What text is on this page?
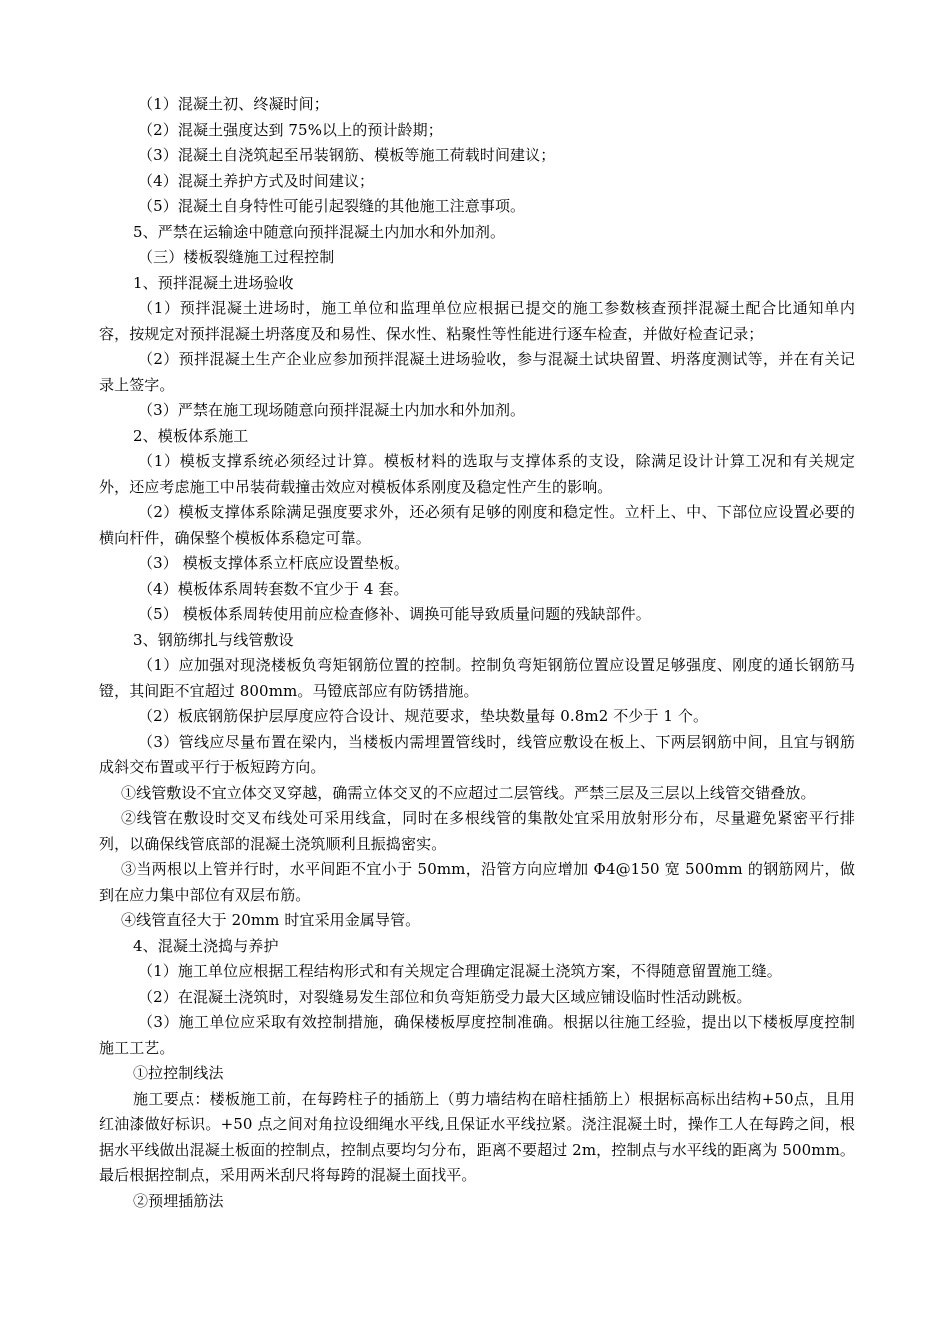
（1）混凝土初、终凝时间；

（2）混凝土强度达到 75%以上的预计龄期；

（3）混凝土自浇筑起至吊装钢筋、模板等施工荷载时间建议；

（4）混凝土养护方式及时间建议；

（5）混凝土自身特性可能引起裂缝的其他施工注意事项。

5、严禁在运输途中随意向预拌混凝土内加水和外加剂。

（三）楼板裂缝施工过程控制

1、预拌混凝土进场验收

（1）预拌混凝土进场时，施工单位和监理单位应根据已提交的施工参数核查预拌混凝土配合比通知单内容，按规定对预拌混凝土坍落度及和易性、保水性、粘聚性等性能进行逐车检查，并做好检查记录；

（2）预拌混凝土生产企业应参加预拌混凝土进场验收，参与混凝土试块留置、坍落度测试等，并在有关记录上签字。

（3）严禁在施工现场随意向预拌混凝土内加水和外加剂。

2、模板体系施工

（1）模板支撑系统必须经过计算。模板材料的选取与支撑体系的支设，除满足设计计算工况和有关规定外，还应考虑施工中吊装荷载撞击效应对模板体系刚度及稳定性产生的影响。

（2）模板支撑体系除满足强度要求外，还必须有足够的刚度和稳定性。立杆上、中、下部位应设置必要的横向杆件，确保整个模板体系稳定可靠。

（3） 模板支撑体系立杆底应设置垫板。

（4）模板体系周转套数不宜少于 4 套。

（5） 模板体系周转使用前应检查修补、调换可能导致质量问题的残缺部件。

3、钢筋绑扎与线管敷设

（1）应加强对现浇楼板负弯矩钢筋位置的控制。控制负弯矩钢筋位置应设置足够强度、刚度的通长钢筋马镫，其间距不宜超过 800mm。马镫底部应有防锈措施。

（2）板底钢筋保护层厚度应符合设计、规范要求，垫块数量每 0.8m2 不少于 1 个。

（3）管线应尽量布置在梁内，当楼板内需埋置管线时，线管应敷设在板上、下两层钢筋中间，且宜与钢筋成斜交布置或平行于板短跨方向。

①线管敷设不宜立体交叉穿越，确需立体交叉的不应超过二层管线。严禁三层及三层以上线管交错叠放。

②线管在敷设时交叉布线处可采用线盒，同时在多根线管的集散处宜采用放射形分布，尽量避免紧密平行排列，以确保线管底部的混凝土浇筑顺利且振捣密实。

③当两根以上管并行时，水平间距不宜小于 50mm，沿管方向应增加 Φ4@150 宽 500mm 的钢筋网片，做到在应力集中部位有双层布筋。

④线管直径大于 20mm 时宜采用金属导管。

4、混凝土浇捣与养护

（1）施工单位应根据工程结构形式和有关规定合理确定混凝土浇筑方案，不得随意留置施工缝。

（2）在混凝土浇筑时，对裂缝易发生部位和负弯矩筋受力最大区域应铺设临时性活动跳板。

（3）施工单位应采取有效控制措施，确保楼板厚度控制准确。根据以往施工经验，提出以下楼板厚度控制施工工艺。

①拉控制线法

施工要点：楼板施工前，在每跨柱子的插筋上（剪力墙结构在暗柱插筋上）根据标高标出结构+50点，且用红油漆做好标识。+50 点之间对角拉设细绳水平线,且保证水平线拉紧。浇注混凝土时，操作工人在每跨之间，根据水平线做出混凝土板面的控制点，控制点要均匀分布，距离不要超过 2m，控制点与水平线的距离为 500mm。最后根据控制点，采用两米刮尺将每跨的混凝土面找平。

②预埋插筋法
